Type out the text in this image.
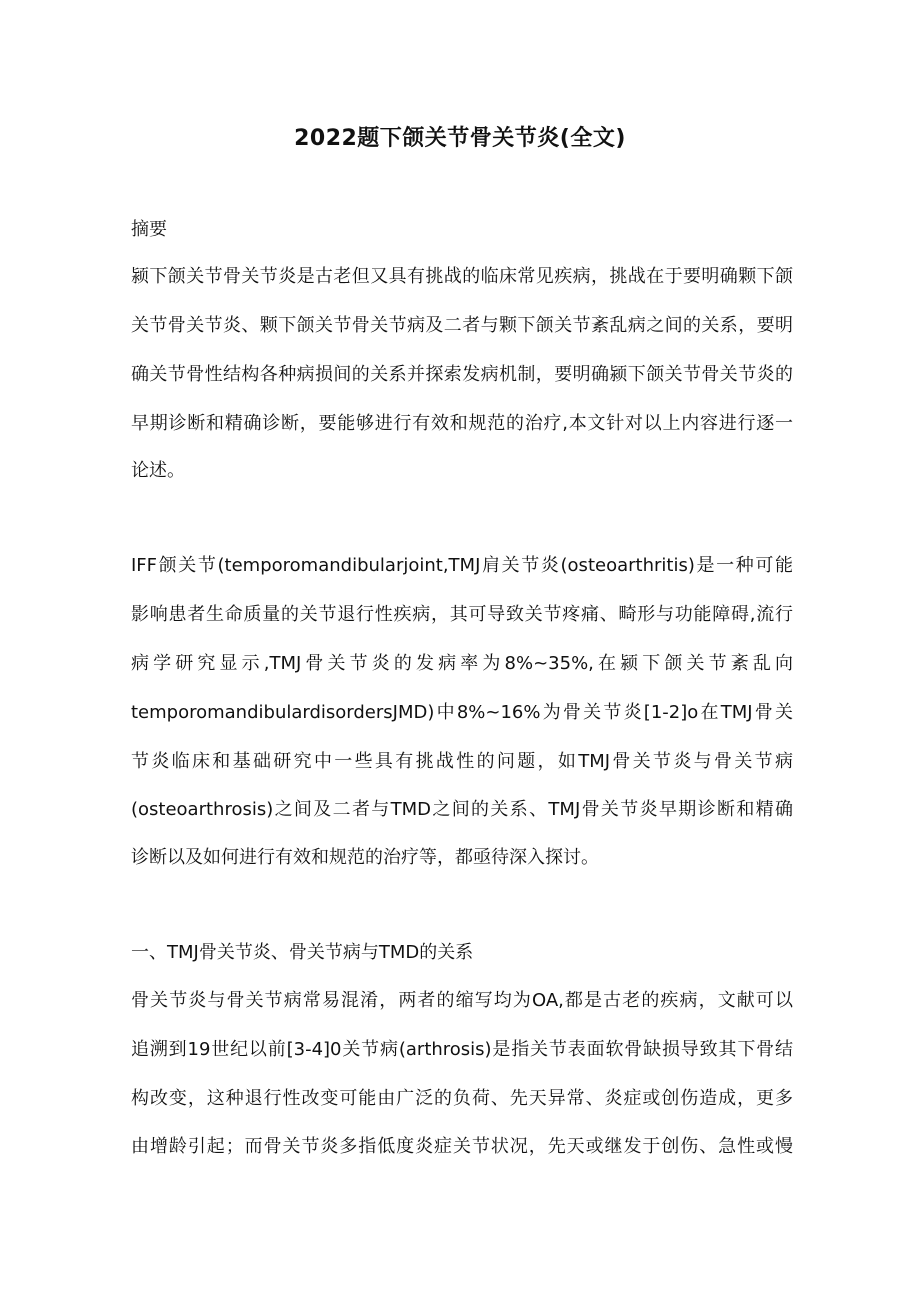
2022题下颌关节骨关节炎(全文)
摘要
颍下颌关节骨关节炎是古老但又具有挑战的临床常见疾病，挑战在于要明确颗下颌
关节骨关节炎、颗下颌关节骨关节病及二者与颗下颌关节紊乱病之间的关系，要明
确关节骨性结构各种病损间的关系并探索发病机制，要明确颍下颌关节骨关节炎的
早期诊断和精确诊断，要能够进行有效和规范的治疗,本文针对以上内容进行逐一
论述。
IFF颌关节(temporomandibularjoint,TMJ肩关节炎(osteoarthritis)是一种可能
影响患者生命质量的关节退行性疾病，其可导致关节疼痛、畸形与功能障碍,流行
病学研究显示,TMJ骨关节炎的发病率为8%~35%,在颍下颌关节紊乱向
temporomandibulardisordersJMD)中8%~16%为骨关节炎[1-2]o在TMJ骨关
节炎临床和基础研究中一些具有挑战性的问题，如TMJ骨关节炎与骨关节病
(osteoarthrosis)之间及二者与TMD之间的关系、TMJ骨关节炎早期诊断和精确
诊断以及如何进行有效和规范的治疗等，都亟待深入探讨。
一、TMJ骨关节炎、骨关节病与TMD的关系
骨关节炎与骨关节病常易混淆，两者的缩写均为OA,都是古老的疾病，文献可以
追溯到19世纪以前[3-4]0关节病(arthrosis)是指关节表面软骨缺损导致其下骨结
构改变，这种退行性改变可能由广泛的负荷、先天异常、炎症或创伤造成，更多
由增龄引起；而骨关节炎多指低度炎症关节状况，先天或继发于创伤、急性或慢
